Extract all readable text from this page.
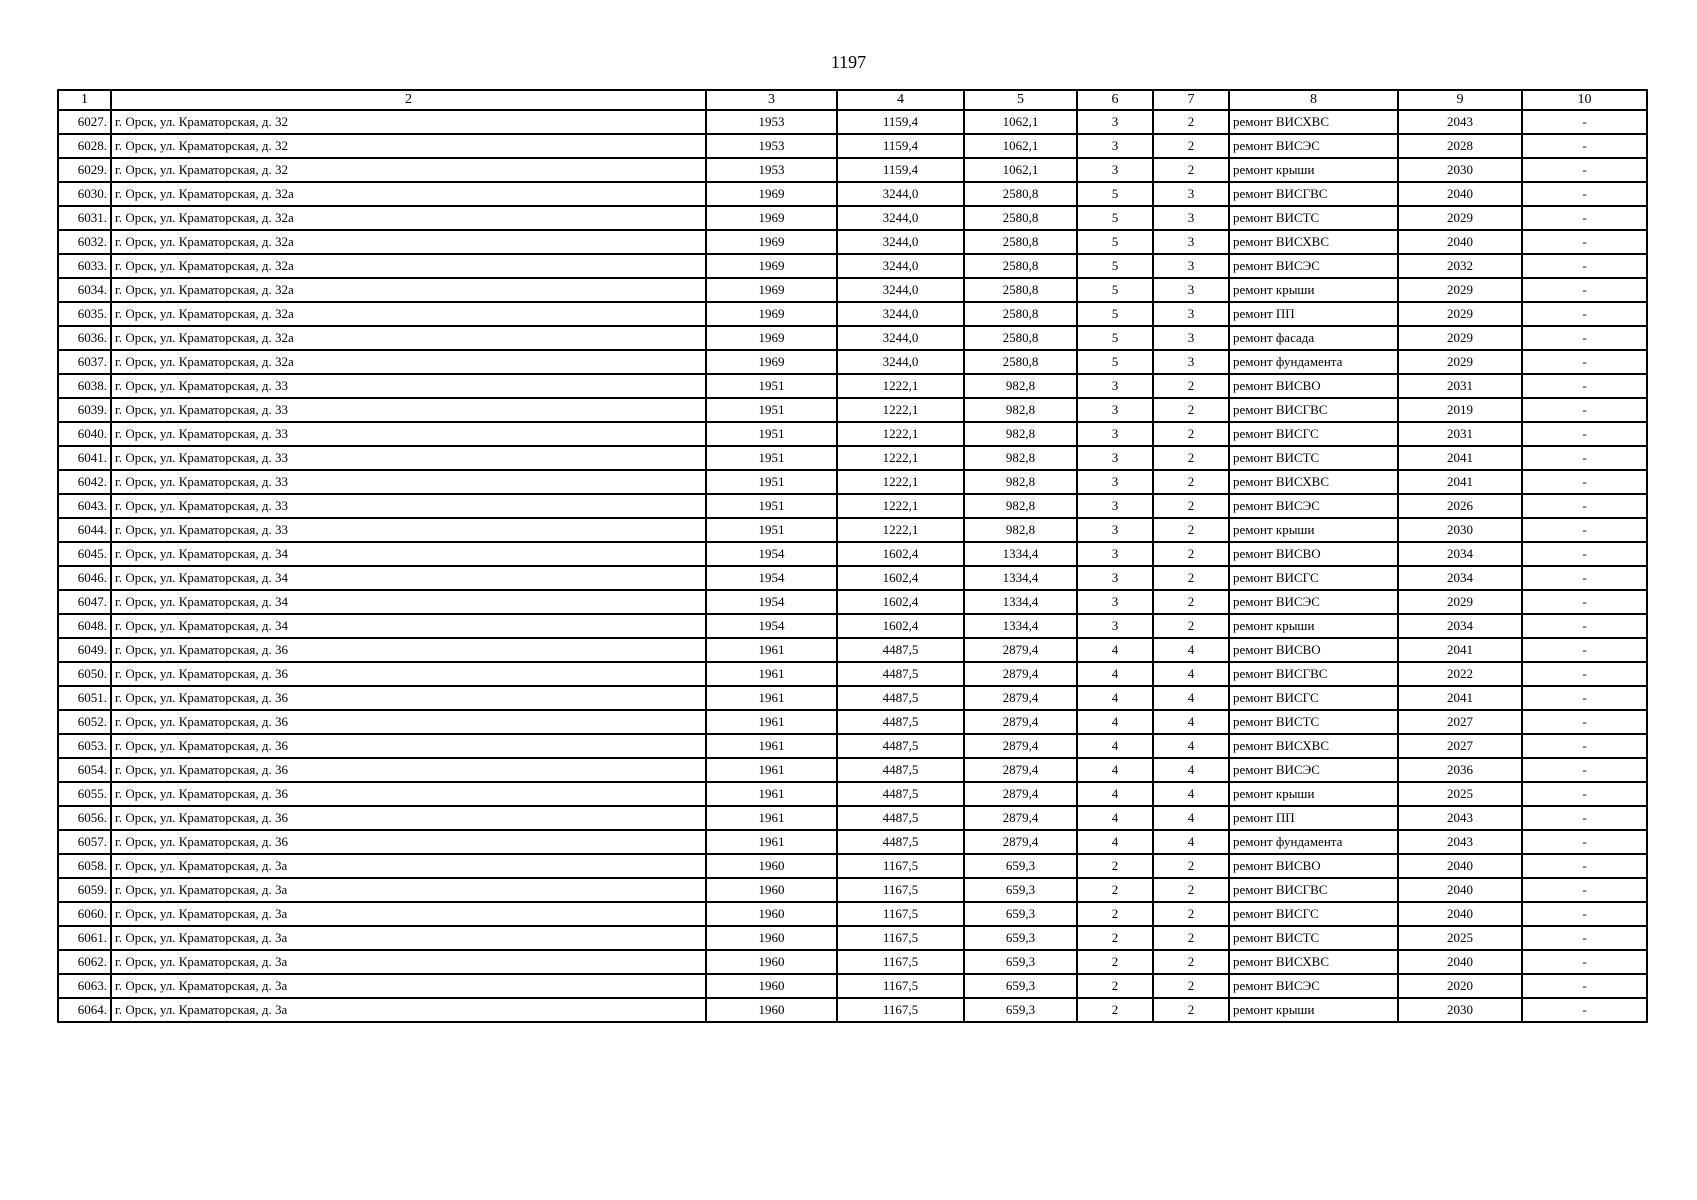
1197
1	2	3	4	5	6	7	8	9	10
6027.	г. Орск, ул. Краматорская, д. 32	1953	1159,4	1062,1	3	2	ремонт ВИСХВС	2043	-
6028.	г. Орск, ул. Краматорская, д. 32	1953	1159,4	1062,1	3	2	ремонт ВИСЭС	2028	-
6029.	г. Орск, ул. Краматорская, д. 32	1953	1159,4	1062,1	3	2	ремонт крыши	2030	-
6030.	г. Орск, ул. Краматорская, д. 32а	1969	3244,0	2580,8	5	3	ремонт ВИСГВС	2040	-
6031.	г. Орск, ул. Краматорская, д. 32а	1969	3244,0	2580,8	5	3	ремонт ВИСТС	2029	-
6032.	г. Орск, ул. Краматорская, д. 32а	1969	3244,0	2580,8	5	3	ремонт ВИСХВС	2040	-
6033.	г. Орск, ул. Краматорская, д. 32а	1969	3244,0	2580,8	5	3	ремонт ВИСЭС	2032	-
6034.	г. Орск, ул. Краматорская, д. 32а	1969	3244,0	2580,8	5	3	ремонт крыши	2029	-
6035.	г. Орск, ул. Краматорская, д. 32а	1969	3244,0	2580,8	5	3	ремонт ПП	2029	-
6036.	г. Орск, ул. Краматорская, д. 32а	1969	3244,0	2580,8	5	3	ремонт фасада	2029	-
6037.	г. Орск, ул. Краматорская, д. 32а	1969	3244,0	2580,8	5	3	ремонт фундамента	2029	-
6038.	г. Орск, ул. Краматорская, д. 33	1951	1222,1	982,8	3	2	ремонт ВИСВО	2031	-
6039.	г. Орск, ул. Краматорская, д. 33	1951	1222,1	982,8	3	2	ремонт ВИСГВС	2019	-
6040.	г. Орск, ул. Краматорская, д. 33	1951	1222,1	982,8	3	2	ремонт ВИСГС	2031	-
6041.	г. Орск, ул. Краматорская, д. 33	1951	1222,1	982,8	3	2	ремонт ВИСТС	2041	-
6042.	г. Орск, ул. Краматорская, д. 33	1951	1222,1	982,8	3	2	ремонт ВИСХВС	2041	-
6043.	г. Орск, ул. Краматорская, д. 33	1951	1222,1	982,8	3	2	ремонт ВИСЭС	2026	-
6044.	г. Орск, ул. Краматорская, д. 33	1951	1222,1	982,8	3	2	ремонт крыши	2030	-
6045.	г. Орск, ул. Краматорская, д. 34	1954	1602,4	1334,4	3	2	ремонт ВИСВО	2034	-
6046.	г. Орск, ул. Краматорская, д. 34	1954	1602,4	1334,4	3	2	ремонт ВИСГС	2034	-
6047.	г. Орск, ул. Краматорская, д. 34	1954	1602,4	1334,4	3	2	ремонт ВИСЭС	2029	-
6048.	г. Орск, ул. Краматорская, д. 34	1954	1602,4	1334,4	3	2	ремонт крыши	2034	-
6049.	г. Орск, ул. Краматорская, д. 36	1961	4487,5	2879,4	4	4	ремонт ВИСВО	2041	-
6050.	г. Орск, ул. Краматорская, д. 36	1961	4487,5	2879,4	4	4	ремонт ВИСГВС	2022	-
6051.	г. Орск, ул. Краматорская, д. 36	1961	4487,5	2879,4	4	4	ремонт ВИСГС	2041	-
6052.	г. Орск, ул. Краматорская, д. 36	1961	4487,5	2879,4	4	4	ремонт ВИСТС	2027	-
6053.	г. Орск, ул. Краматорская, д. 36	1961	4487,5	2879,4	4	4	ремонт ВИСХВС	2027	-
6054.	г. Орск, ул. Краматорская, д. 36	1961	4487,5	2879,4	4	4	ремонт ВИСЭС	2036	-
6055.	г. Орск, ул. Краматорская, д. 36	1961	4487,5	2879,4	4	4	ремонт крыши	2025	-
6056.	г. Орск, ул. Краматорская, д. 36	1961	4487,5	2879,4	4	4	ремонт ПП	2043	-
6057.	г. Орск, ул. Краматорская, д. 36	1961	4487,5	2879,4	4	4	ремонт фундамента	2043	-
6058.	г. Орск, ул. Краматорская, д. 3а	1960	1167,5	659,3	2	2	ремонт ВИСВО	2040	-
6059.	г. Орск, ул. Краматорская, д. 3а	1960	1167,5	659,3	2	2	ремонт ВИСГВС	2040	-
6060.	г. Орск, ул. Краматорская, д. 3а	1960	1167,5	659,3	2	2	ремонт ВИСГС	2040	-
6061.	г. Орск, ул. Краматорская, д. 3а	1960	1167,5	659,3	2	2	ремонт ВИСТС	2025	-
6062.	г. Орск, ул. Краматорская, д. 3а	1960	1167,5	659,3	2	2	ремонт ВИСХВС	2040	-
6063.	г. Орск, ул. Краматорская, д. 3а	1960	1167,5	659,3	2	2	ремонт ВИСЭС	2020	-
6064.	г. Орск, ул. Краматорская, д. 3а	1960	1167,5	659,3	2	2	ремонт крыши	2030	-
